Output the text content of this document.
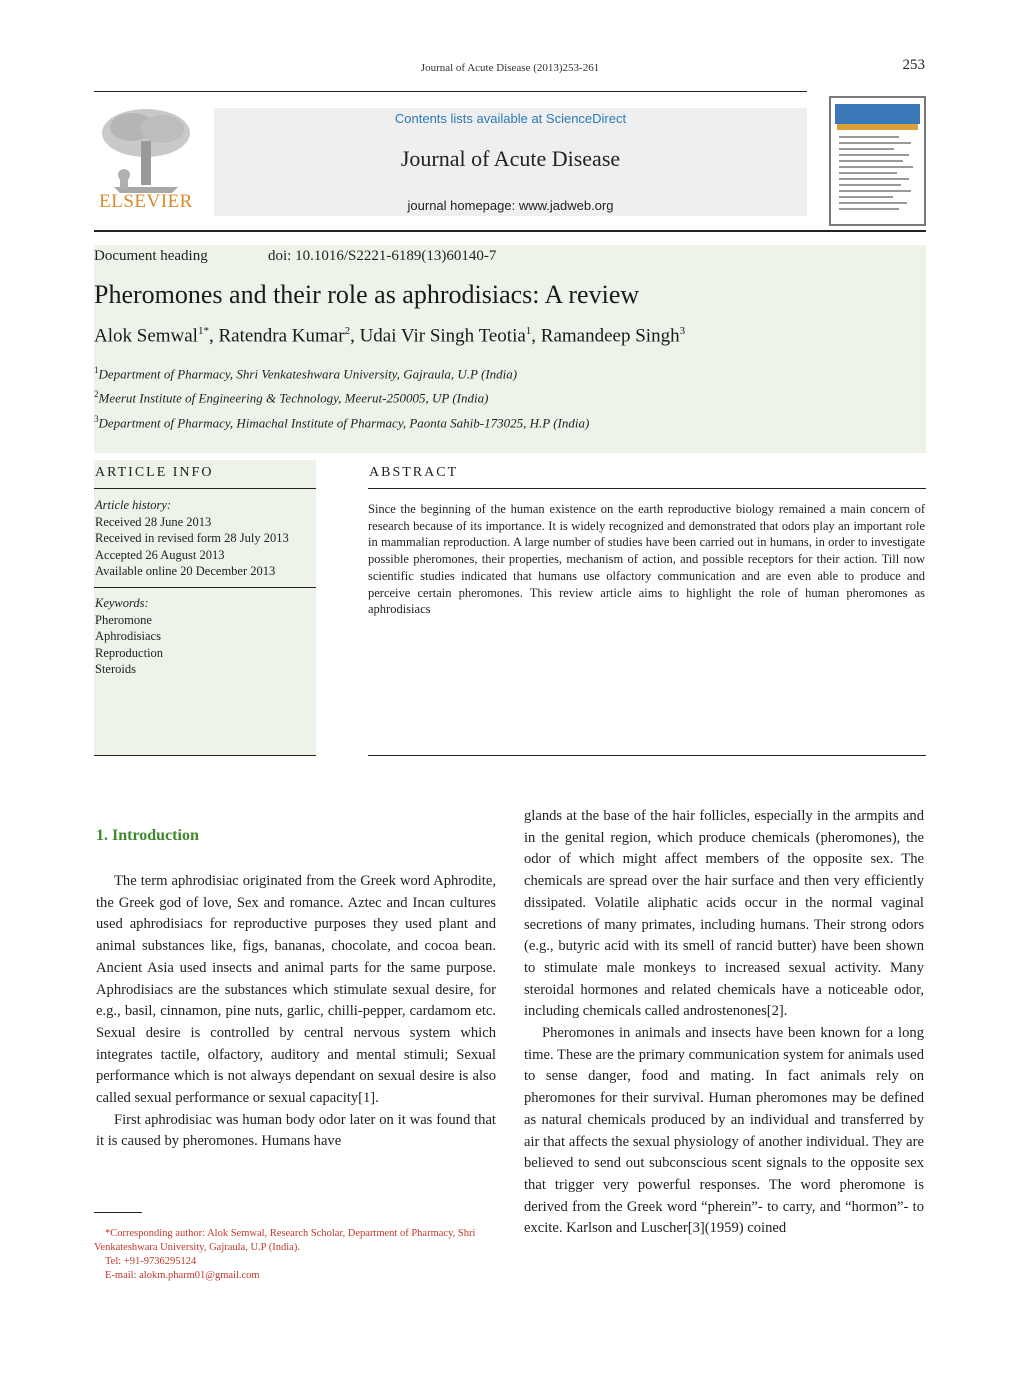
Journal of Acute Disease (2013)253-261	253
ELSEVIER
Contents lists available at ScienceDirect
Journal of Acute Disease
journal homepage: www.jadweb.org
Document heading	doi: 10.1016/S2221-6189(13)60140-7
Pheromones and their role as aphrodisiacs: A review
Alok Semwal$^{1*}$, Ratendra Kumar$^2$, Udai Vir Singh Teotia$^1$, Ramandeep Singh$^3$
$^1$Department of Pharmacy, Shri Venkateshwara University, Gajraula, U.P (India)
$^2$Meerut Institute of Engineering & Technology, Meerut-250005, UP (India)
$^3$Department of Pharmacy, Himachal Institute of Pharmacy, Paonta Sahib-173025, H.P (India)
ARTICLE INFO
Article history:
Received 28 June 2013
Received in revised form 28 July 2013
Accepted 26 August 2013
Available online 20 December 2013
Keywords:
Pheromone
Aphrodisiacs
Reproduction
Steroids
ABSTRACT
Since the beginning of the human existence on the earth reproductive biology remained a main concern of research because of its importance. It is widely recognized and demonstrated that odors play an important role in mammalian reproduction. A large number of studies have been carried out in humans, in order to investigate possible pheromones, their properties, mechanism of action, and possible receptors for their action. Till now scientific studies indicated that humans use olfactory communication and are even able to produce and perceive certain pheromones. This review article aims to highlight the role of human pheromones as aphrodisiacs
1. Introduction

The term aphrodisiac originated from the Greek word Aphrodite, the Greek god of love, Sex and romance. Aztec and Incan cultures used aphrodisiacs for reproductive purposes they used plant and animal substances like, figs, bananas, chocolate, and cocoa bean. Ancient Asia used insects and animal parts for the same purpose. Aphrodisiacs are the substances which stimulate sexual desire, for e.g., basil, cinnamon, pine nuts, garlic, chilli-pepper, cardamom etc. Sexual desire is controlled by central nervous system which integrates tactile, olfactory, auditory and mental stimuli; Sexual performance which is not always dependant on sexual desire is also called sexual performance or sexual capacity[1].

First aphrodisiac was human body odor later on it was found that it is caused by pheromones. Humans have

*Corresponding author: Alok Semwal, Research Scholar, Department of Pharmacy, Shri Venkateshwara University, Gajraula, U.P (India).
Tel: +91-9736295124
E-mail: alokm.pharm01@gmail.com

glands at the base of the hair follicles, especially in the armpits and in the genital region, which produce chemicals (pheromones), the odor of which might affect members of the opposite sex. The chemicals are spread over the hair surface and then very efficiently dissipated. Volatile aliphatic acids occur in the normal vaginal secretions of many primates, including humans. Their strong odors (e.g., butyric acid with its smell of rancid butter) have been shown to stimulate male monkeys to increased sexual activity. Many steroidal hormones and related chemicals have a noticeable odor, including chemicals called androstenones[2].

Pheromones in animals and insects have been known for a long time. These are the primary communication system for animals used to sense danger, food and mating. In fact animals rely on pheromones for their survival. Human pheromones may be defined as natural chemicals produced by an individual and transferred by air that affects the sexual physiology of another individual. They are believed to send out subconscious scent signals to the opposite sex that trigger very powerful responses. The word pheromone is derived from the Greek word “pherein”- to carry, and “hormon”- to excite. Karlson and Luscher[3](1959) coined
